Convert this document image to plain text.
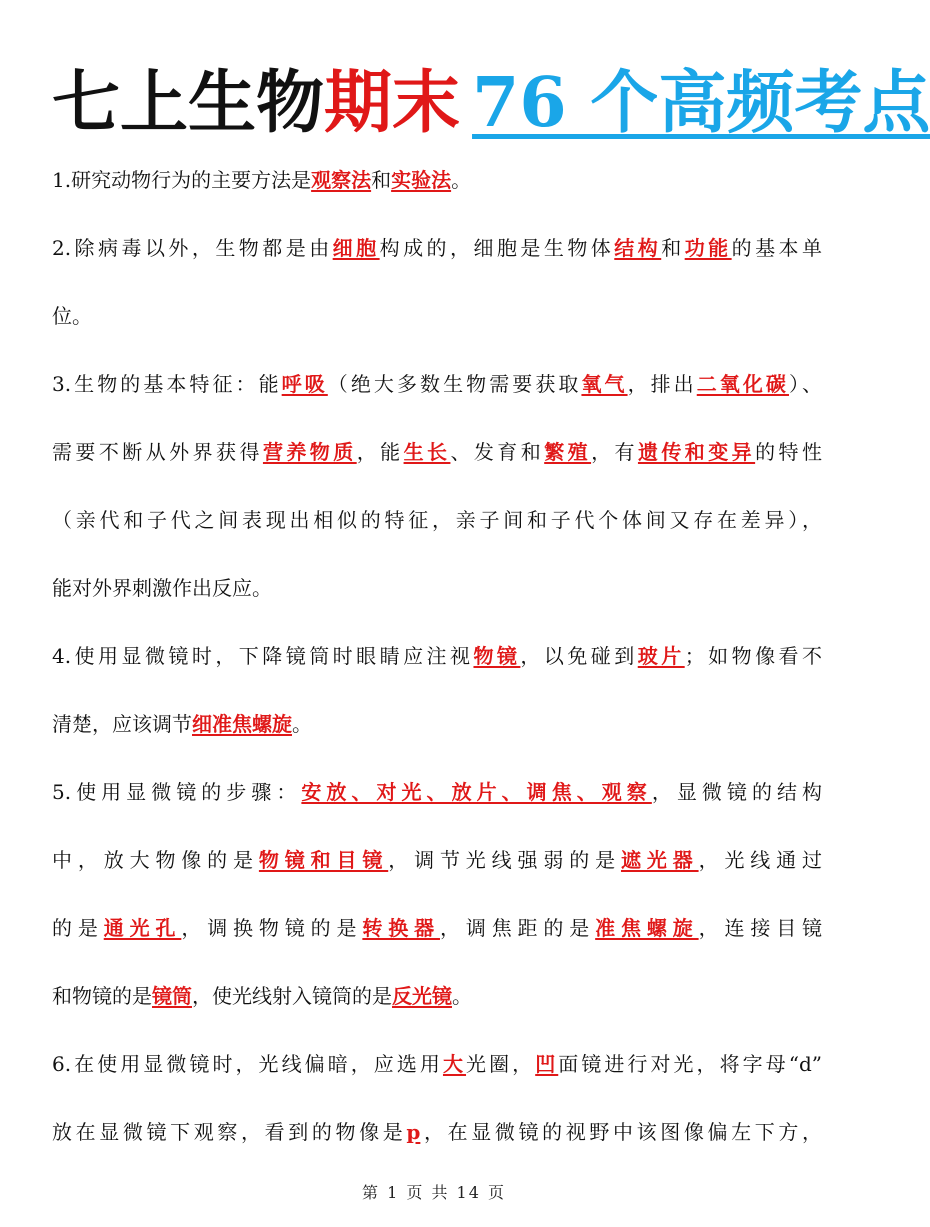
七上生物期末 76 个高频考点
1.研究动物行为的主要方法是观察法和实验法。
2.除病毒以外，生物都是由细胞构成的，细胞是生物体结构和功能的基本单
位。
3.生物的基本特征：能呼吸（绝大多数生物需要获取氧气，排出二氧化碳）、
需要不断从外界获得营养物质，能生长、发育和繁殖，有遗传和变异的特性
（亲代和子代之间表现出相似的特征，亲子间和子代个体间又存在差异），
能对外界刺激作出反应。
4.使用显微镜时，下降镜筒时眼睛应注视物镜，以免碰到玻片；如物像看不
清楚，应该调节细准焦螺旋。
5.使用显微镜的步骤：安放、对光、放片、调焦、观察，显微镜的结构
中，放大物像的是物镜和目镜，调节光线强弱的是遮光器，光线通过
的是通光孔，调换物镜的是转换器，调焦距的是准焦螺旋，连接目镜
和物镜的是镜筒，使光线射入镜筒的是反光镜。
6.在使用显微镜时，光线偏暗，应选用大光圈，凹面镜进行对光，将字母“d”
放在显微镜下观察，看到的物像是p，在显微镜的视野中该图像偏左下方，
第 1 页 共 14 页
